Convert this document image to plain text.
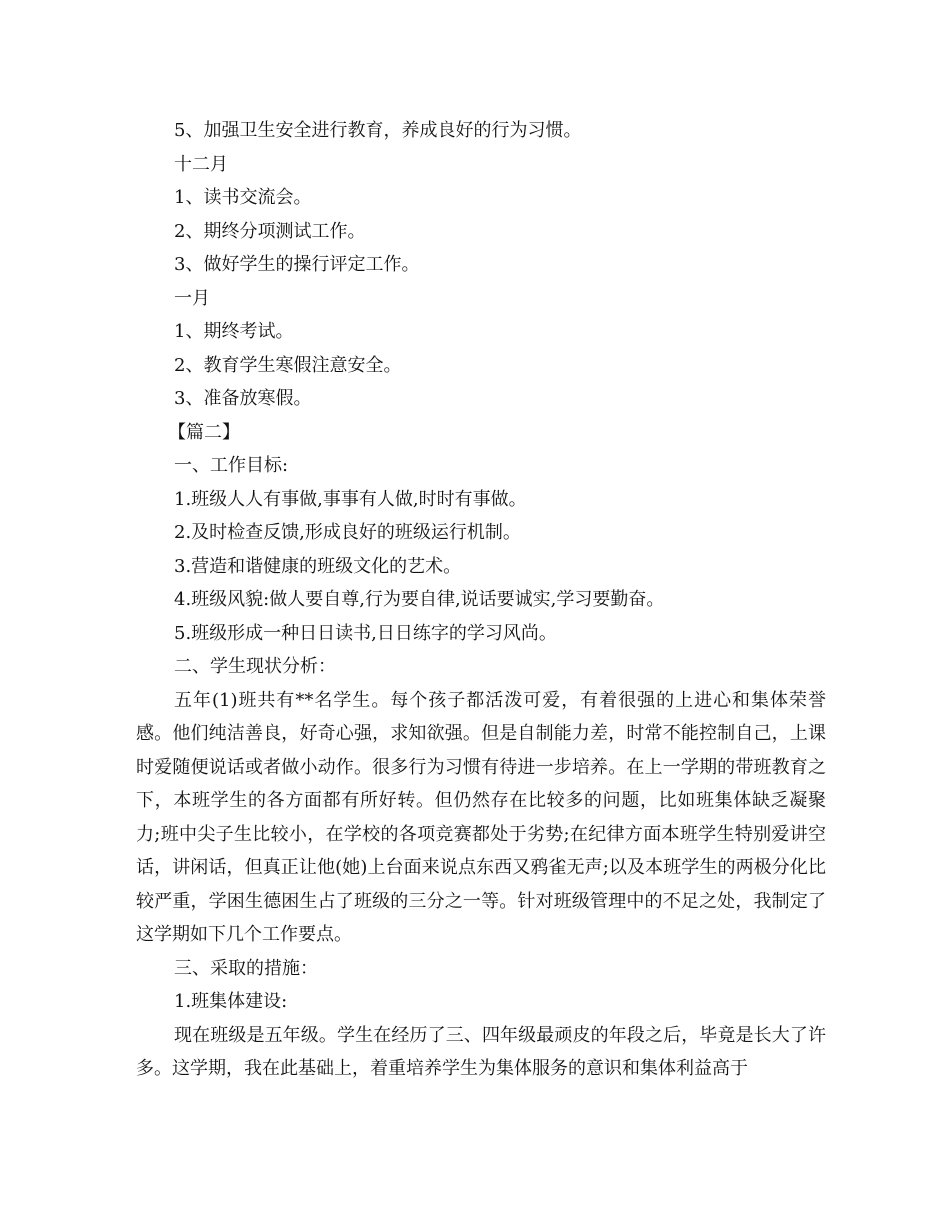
5、加强卫生安全进行教育，养成良好的行为习惯。
十二月
1、读书交流会。
2、期终分项测试工作。
3、做好学生的操行评定工作。
一月
1、期终考试。
2、教育学生寒假注意安全。
3、准备放寒假。
【篇二】
一、工作目标:
1.班级人人有事做,事事有人做,时时有事做。
2.及时检查反馈,形成良好的班级运行机制。
3.营造和谐健康的班级文化的艺术。
4.班级风貌:做人要自尊,行为要自律,说话要诚实,学习要勤奋。
5.班级形成一种日日读书,日日练字的学习风尚。
二、学生现状分析：

五年(1)班共有**名学生。每个孩子都活泼可爱，有着很强的上进心和集体荣誉感。他们纯洁善良，好奇心强，求知欲强。但是自制能力差，时常不能控制自己，上课时爱随便说话或者做小动作。很多行为习惯有待进一步培养。在上一学期的带班教育之下，本班学生的各方面都有所好转。但仍然存在比较多的问题，比如班集体缺乏凝聚力;班中尖子生比较小，在学校的各项竞赛都处于劣势;在纪律方面本班学生特别爱讲空话，讲闲话，但真正让他(她)上台面来说点东西又鸦雀无声;以及本班学生的两极分化比较严重，学困生德困生占了班级的三分之一等。针对班级管理中的不足之处，我制定了这学期如下几个工作要点。

三、采取的措施：
1.班集体建设:

现在班级是五年级。学生在经历了三、四年级最顽皮的年段之后，毕竟是长大了许多。这学期，我在此基础上，着重培养学生为集体服务的意识和集体利益高于
